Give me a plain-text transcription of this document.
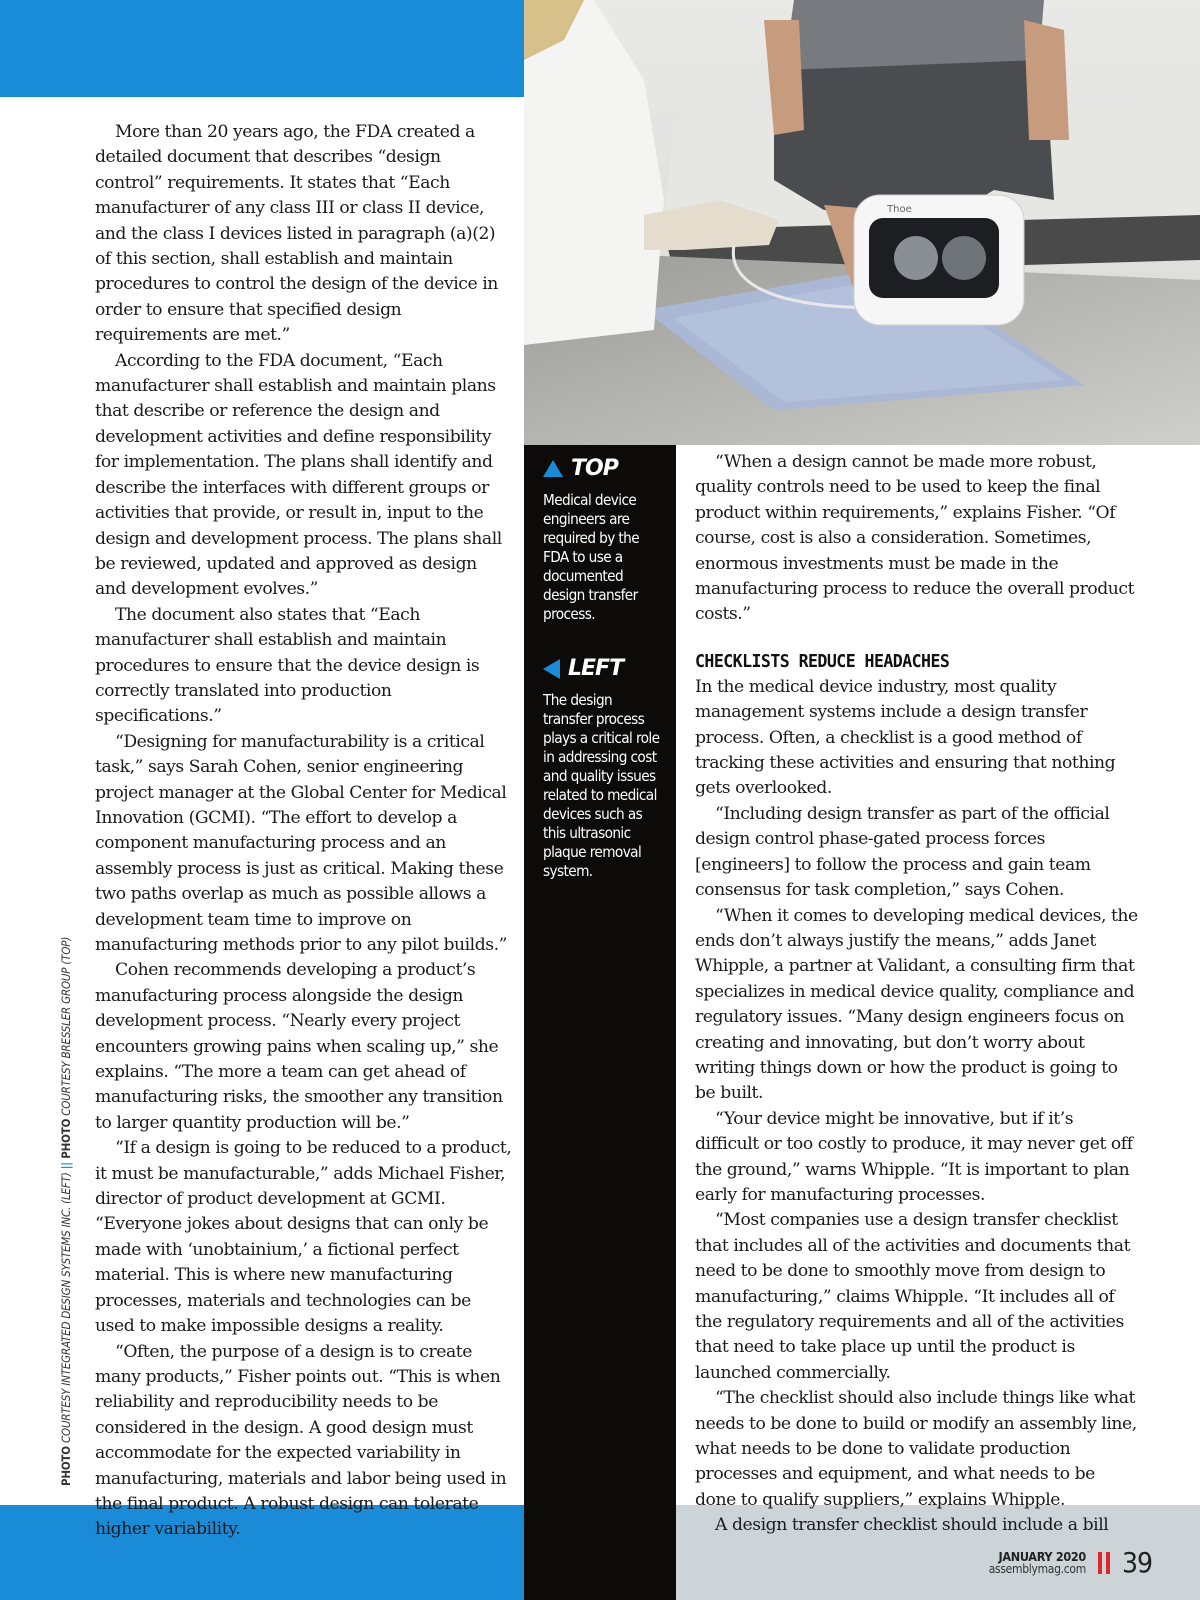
Thoe

More than 20 years ago, the FDA created a detailed document that describes “design control” requirements. It states that “Each manufacturer of any class III or class II device, and the class I devices listed in paragraph (a)(2) of this section, shall establish and maintain procedures to control the design of the device in order to ensure that specified design requirements are met.”

According to the FDA document, “Each manufacturer shall establish and maintain plans that describe or reference the design and development activities and define responsibility for implementation. The plans shall identify and describe the interfaces with different groups or activities that provide, or result in, input to the design and development process. The plans shall be reviewed, updated and approved as design and development evolves.”

The document also states that “Each manufacturer shall establish and maintain procedures to ensure that the device design is correctly translated into production specifications.”

“Designing for manufacturability is a critical task,” says Sarah Cohen, senior engineering project manager at the Global Center for Medical Innovation (GCMI). “The effort to develop a component manufacturing process and an assembly process is just as critical. Making these two paths overlap as much as possible allows a development team time to improve on manufacturing methods prior to any pilot builds.”

Cohen recommends developing a product’s manufacturing process alongside the design development process. “Nearly every project encounters growing pains when scaling up,” she explains. “The more a team can get ahead of manufacturing risks, the smoother any transition to larger quantity production will be.”

“If a design is going to be reduced to a product, it must be manufacturable,” adds Michael Fisher, director of product development at GCMI. “Everyone jokes about designs that can only be made with ‘unobtainium,’ a fictional perfect material. This is where new manufacturing processes, materials and technologies can be used to make impossible designs a reality.

“Often, the purpose of a design is to create many products,” Fisher points out. “This is when reliability and reproducibility needs to be considered in the design. A good design must accommodate for the expected variability in manufacturing, materials and labor being used in the final product. A robust design can tolerate higher variability.

TOP
Medical device engineers are required by the FDA to use a documented design transfer process.
LEFT
The design transfer process plays a critical role in addressing cost and quality issues related to medical devices such as this ultrasonic plaque removal system.

“When a design cannot be made more robust, quality controls need to be used to keep the final product within requirements,” explains Fisher. “Of course, cost is also a consideration. Sometimes, enormous investments must be made in the manufacturing process to reduce the overall product costs.”

CHECKLISTS REDUCE HEADACHES

In the medical device industry, most quality management systems include a design transfer process. Often, a checklist is a good method of tracking these activities and ensuring that nothing gets overlooked.

“Including design transfer as part of the official design control phase-gated process forces [engineers] to follow the process and gain team consensus for task completion,” says Cohen.

“When it comes to developing medical devices, the ends don’t always justify the means,” adds Janet Whipple, a partner at Validant, a consulting firm that specializes in medical device quality, compliance and regulatory issues. “Many design engineers focus on creating and innovating, but don’t worry about writing things down or how the product is going to be built.

“Your device might be innovative, but if it’s difficult or too costly to produce, it may never get off the ground,” warns Whipple. “It is important to plan early for manufacturing processes.

“Most companies use a design transfer checklist that includes all of the activities and documents that need to be done to smoothly move from design to manufacturing,” claims Whipple. “It includes all of the regulatory requirements and all of the activities that need to take place up until the product is launched commercially.

“The checklist should also include things like what needs to be done to build or modify an assembly line, what needs to be done to validate production processes and equipment, and what needs to be done to qualify suppliers,” explains Whipple.

A design transfer checklist should include a bill

PHOTO COURTESY INTEGRATED DESIGN SYSTEMS INC. (LEFT) || PHOTO COURTESY BRESSLER GROUP (TOP)
JANUARY 2020
assemblymag.com 39
